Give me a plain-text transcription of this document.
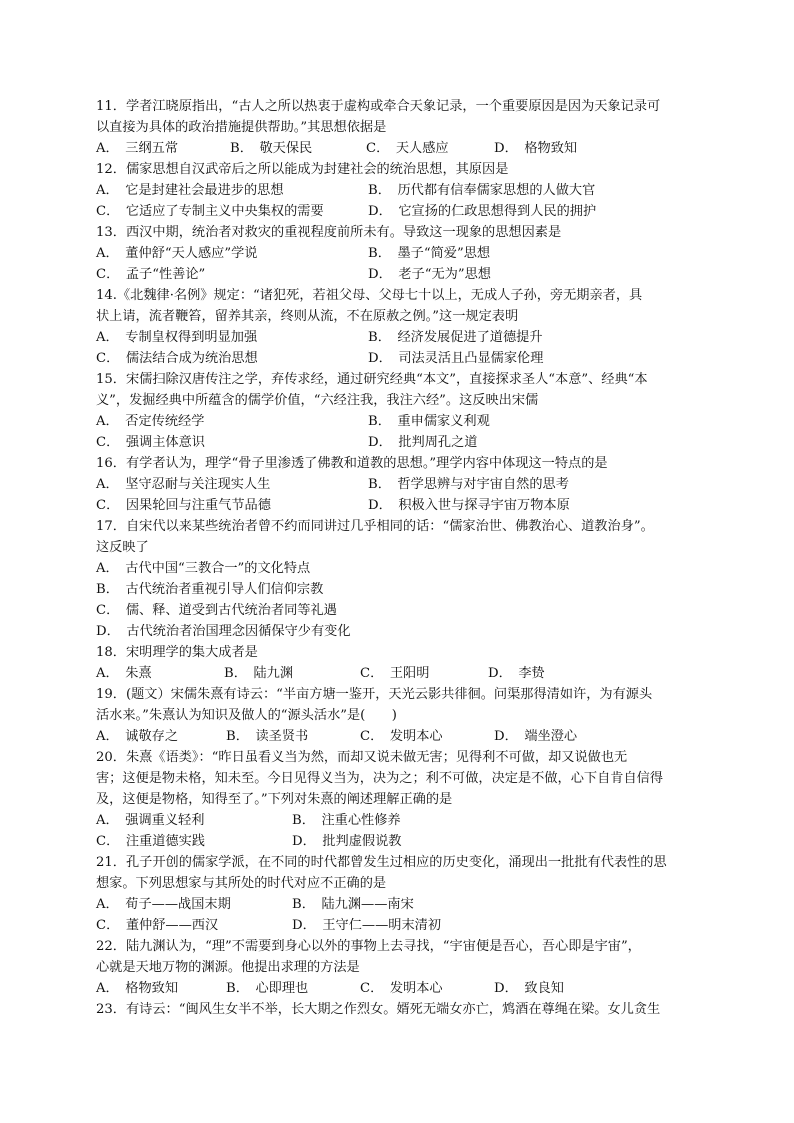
11．学者江晓原指出，“古人之所以热衷于虚构或牵合天象记录，一个重要原因是因为天象记录可
以直接为具体的政治措施提供帮助。”其思想依据是
A．　三纲五常	B．　敬天保民	C．　天人感应	D．　格物致知
12．儒家思想自汉武帝后之所以能成为封建社会的统治思想，其原因是
A．　它是封建社会最进步的思想	B．　历代都有信奉儒家思想的人做大官
C．　它适应了专制主义中央集权的需要	D．　它宣扬的仁政思想得到人民的拥护
13．西汉中期，统治者对救灾的重视程度前所未有。导致这一现象的思想因素是
A．　董仲舒“天人感应”学说	B．　墨子“简爱”思想
C．　孟子“性善论”	D．　老子“无为”思想
14.《北魏律·名例》规定：“诸犯死，若祖父母、父母七十以上，无成人子孙，旁无期亲者，具
状上请，流者鞭笞，留养其亲，终则从流，不在原赦之例。”这一规定表明
A．　专制皇权得到明显加强	B．　经济发展促进了道德提升
C．　儒法结合成为统治思想	D．　司法灵活且凸显儒家伦理
15．宋儒扫除汉唐传注之学，弃传求经，通过研究经典“本文”，直接探求圣人“本意”、经典“本
义”，发掘经典中所蕴含的儒学价值，“六经注我，我注六经”。这反映出宋儒
A．　否定传统经学	B．　重申儒家义利观
C．　强调主体意识	D．　批判周孔之道
16．有学者认为，理学“骨子里渗透了佛教和道教的思想。”理学内容中体现这一特点的是
A．　坚守忍耐与关注现实人生	B．　哲学思辨与对宇宙自然的思考
C．　因果轮回与注重气节品德	D．　积极入世与探寻宇宙万物本原
17．自宋代以来某些统治者曾不约而同讲过几乎相同的话：“儒家治世、佛教治心、道教治身”。
这反映了
A．　古代中国“三教合一”的文化特点
B．　古代统治者重视引导人们信仰宗教
C．　儒、释、道受到古代统治者同等礼遇
D．　古代统治者治国理念因循保守少有变化
18．宋明理学的集大成者是
A．　朱熹	B．　陆九渊	C．　王阳明	D．　李贽
19．(题文）宋儒朱熹有诗云：“半亩方塘一鉴开，天光云影共徘徊。问渠那得清如许，为有源头
活水来。”朱熹认为知识及做人的“源头活水”是(　　)
A．　诚敬存之	B．　读圣贤书	C．　发明本心	D．　端坐澄心
20．朱熹《语类》：“昨日虽看义当为然，而却又说未做无害；见得利不可做，却又说做也无
害；这便是物未格，知未至。今日见得义当为，决为之；利不可做，决定是不做，心下自肯自信得
及，这便是物格，知得至了。”下列对朱熹的阐述理解正确的是
A．　强调重义轻利	B．　注重心性修养
C．　注重道德实践	D．　批判虚假说教
21．孔子开创的儒家学派，在不同的时代都曾发生过相应的历史变化，涌现出一批批有代表性的思
想家。下列思想家与其所处的时代对应不正确的是
A．　荀子——战国末期	B．　陆九渊——南宋
C．　董仲舒——西汉	D．　王守仁——明末清初
22．陆九渊认为，“理”不需要到身心以外的事物上去寻找，“宇宙便是吾心，吾心即是宇宙”，
心就是天地万物的渊源。他提出求理的方法是
A．　格物致知	B．　心即理也	C．　发明本心	D．　致良知
23．有诗云：“闽风生女半不举，长大期之作烈女。婿死无端女亦亡，鸩酒在尊绳在梁。女儿贪生
